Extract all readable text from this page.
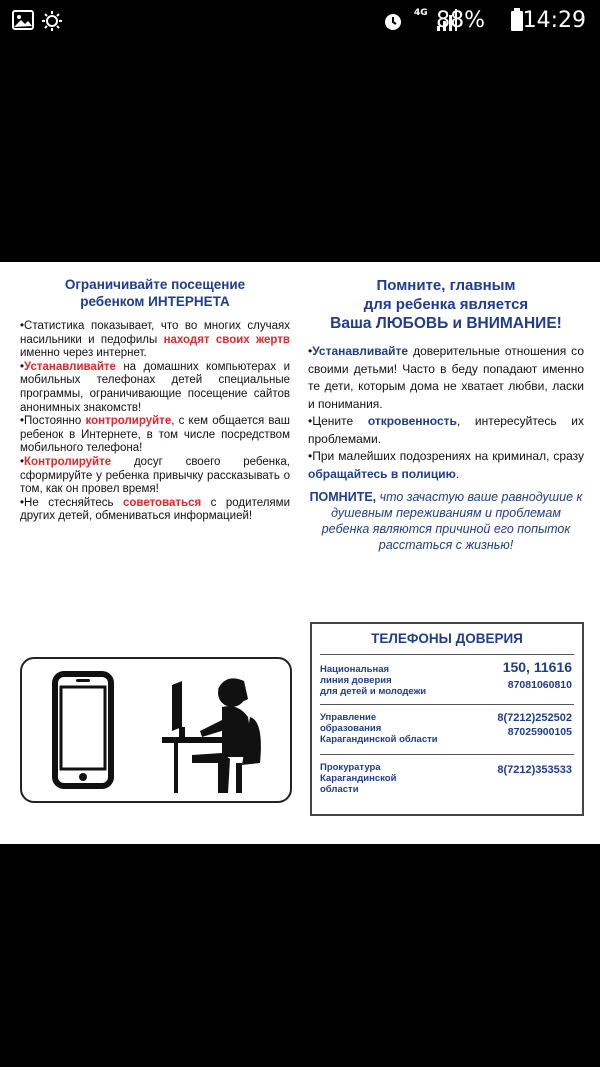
4G 88% 14:29
Ограничивайте посещение
ребенком ИНТЕРНЕТА

•Статистика показывает, что во многих случаях насильники и педофилы находят своих жертв именно через интернет.

•Устанавливайте на домашних компьютерах и мобильных телефонах детей специальные программы, ограничивающие посещение сайтов анонимных знакомств!

•Постоянно контролируйте, с кем общается ваш ребенок в Интернете, в том числе посредством мобильного телефона!

•Контролируйте досуг своего ребенка, сформируйте у ребенка привычку рассказывать о том, как он провел время!

•Не стесняйтесь советоваться с родителями других детей, обмениваться информацией!

Помните, главным
для ребенка является
Ваша ЛЮБОВЬ и ВНИМАНИЕ!

•Устанавливайте доверительные отношения со своими детьми! Часто в беду попадают именно те дети, которым дома не хватает любви, ласки и понимания.

•Цените откровенность, интересуйтесь их проблемами.

•При малейших подозрениях на криминал, сразу обращайтесь в полицию.

ПОМНИТЕ, что зачастую ваше равнодушие к душевным переживаниям и проблемам ребенка являются причиной его попыток расстаться с жизнью!

ТЕЛЕФОНЫ ДОВЕРИЯ
Национальная
линия доверия
для детей и молодежи
150, 11616
87081060810
Управление
образования
Карагандинской области
8(7212)252502
87025900105
Прокуратура
Карагандинской
области
8(7212)353533
